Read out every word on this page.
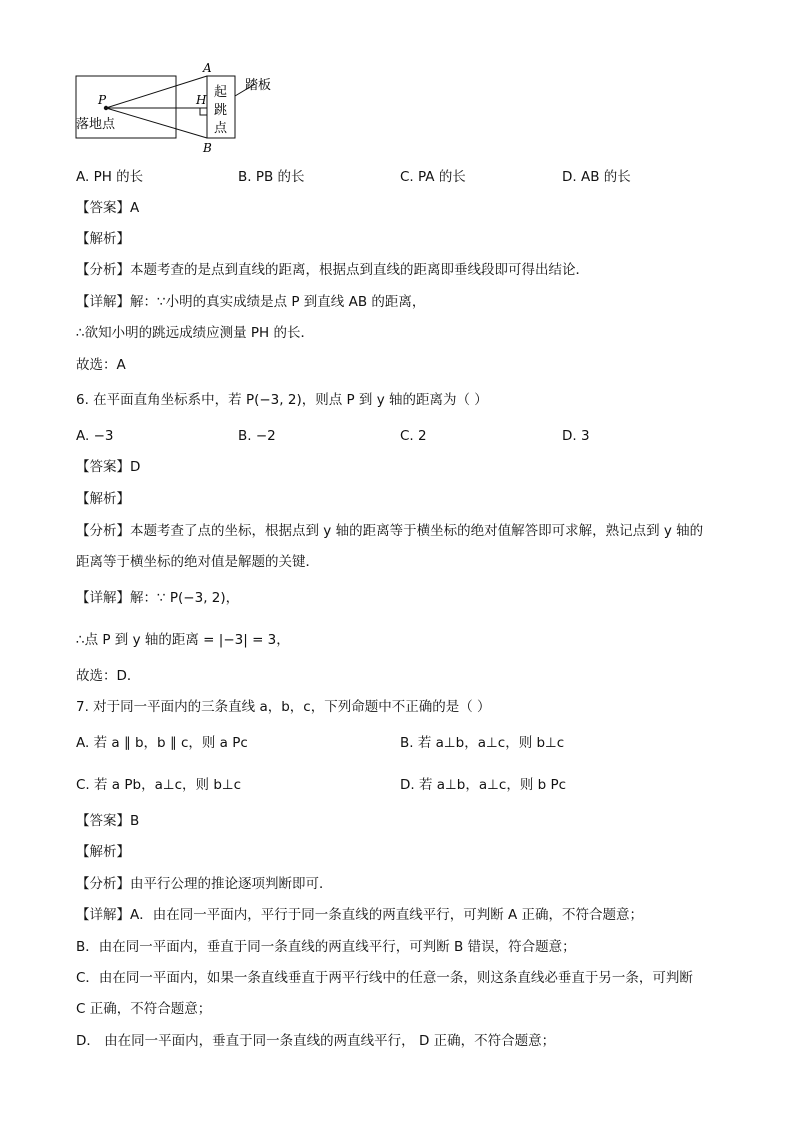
A
B
P	H
落地点
踏板
起
跳
点
A. PH 的长	B. PB 的长	C. PA 的长	D. AB 的长
【答案】A
【解析】
【分析】本题考查的是点到直线的距离，根据点到直线的距离即垂线段即可得出结论．
【详解】解：∵小明的真实成绩是点 P 到直线 AB 的距离，
∴欲知小明的跳远成绩应测量 PH 的长．
故选：A
6. 在平面直角坐标系中，若 P(−3, 2)，则点 P 到 y 轴的距离为（ ）
A. −3	B. −2	C. 2	D. 3
【答案】D
【解析】
【分析】本题考查了点的坐标，根据点到 y 轴的距离等于横坐标的绝对值解答即可求解，熟记点到 y 轴的
距离等于横坐标的绝对值是解题的关键．
【详解】解：∵ P(−3, 2)，
∴点 P 到 y 轴的距离 = |−3| = 3，
故选：D．
7. 对于同一平面内的三条直线 a，b，c，下列命题中不正确的是（ ）
A. 若 a ∥ b，b ∥ c，则 a Pc	B. 若 a⊥b，a⊥c，则 b⊥c
C. 若 a Pb，a⊥c，则 b⊥c	D. 若 a⊥b，a⊥c，则 b Pc
【答案】B
【解析】
【分析】由平行公理的推论逐项判断即可．
【详解】A．由在同一平面内，平行于同一条直线的两直线平行，可判断 A 正确，不符合题意；
B．由在同一平面内，垂直于同一条直线的两直线平行，可判断 B 错误，符合题意；
C．由在同一平面内，如果一条直线垂直于两平行线中的任意一条，则这条直线必垂直于另一条，可判断
C 正确，不符合题意；
D． 由在同一平面内，垂直于同一条直线的两直线平行， D 正确，不符合题意；
